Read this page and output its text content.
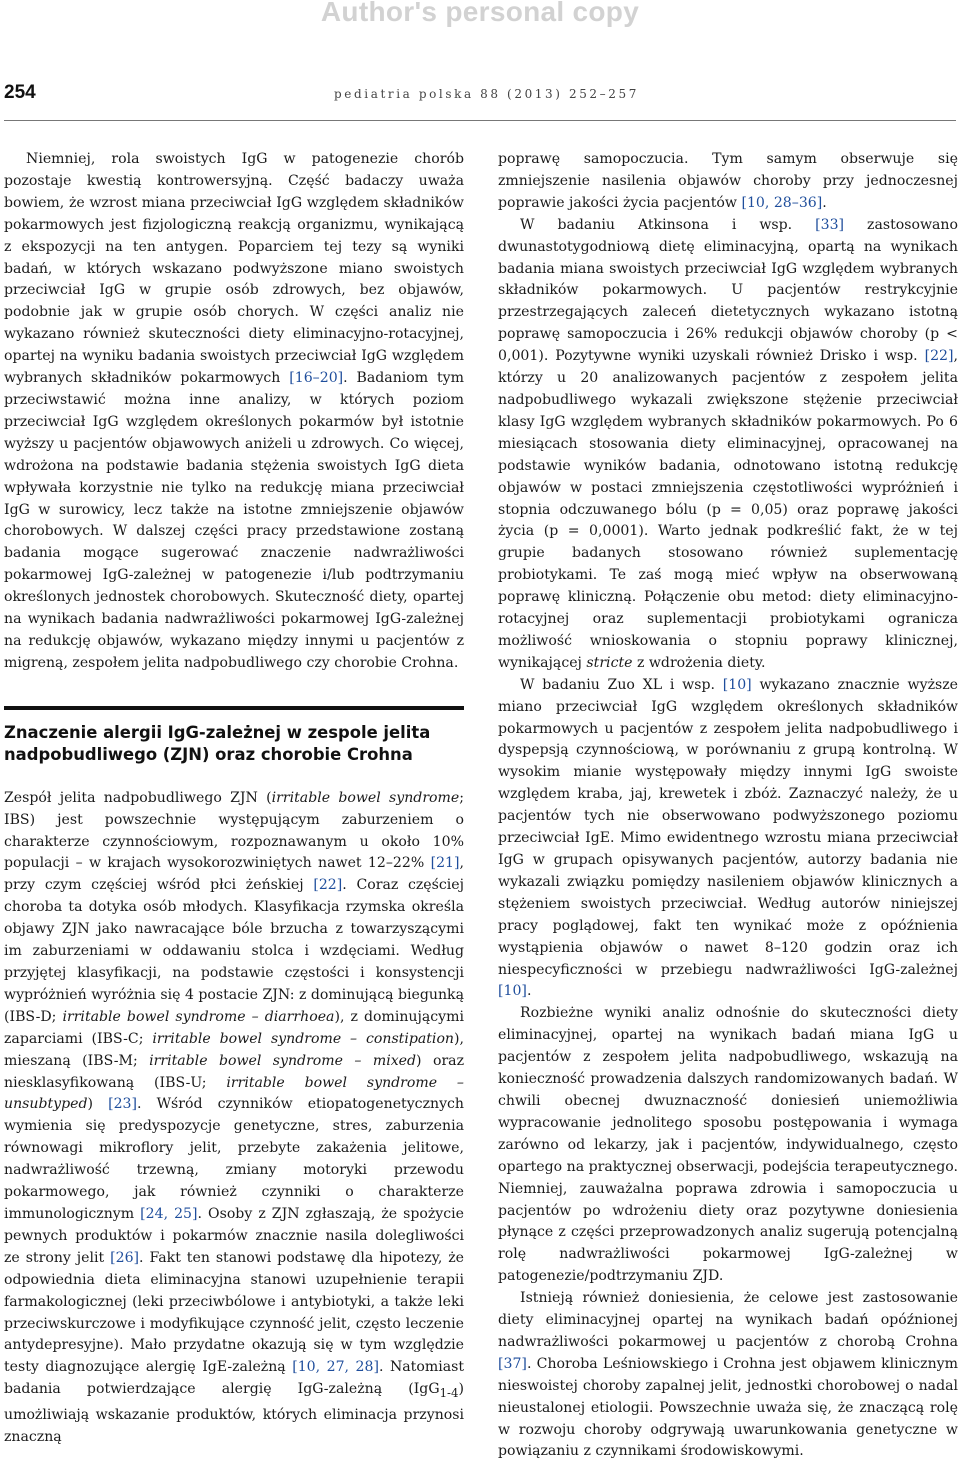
Author's personal copy
254	pediatria polska 88 (2013) 252–257

Niemniej, rola swoistych IgG w patogenezie chorób pozostaje kwestią kontrowersyjną. Część badaczy uważa bowiem, że wzrost miana przeciwciał IgG względem składników pokarmowych jest fizjologiczną reakcją organizmu, wynikającą z ekspozycji na ten antygen. Poparciem tej tezy są wyniki badań, w których wskazano podwyższone miano swoistych przeciwciał IgG w grupie osób zdrowych, bez objawów, podobnie jak w grupie osób chorych. W części analiz nie wykazano również skuteczności diety eliminacyjno-rotacyjnej, opartej na wyniku badania swoistych przeciwciał IgG względem wybranych składników pokarmowych [16–20]. Badaniom tym przeciwstawić można inne analizy, w których poziom przeciwciał IgG względem określonych pokarmów był istotnie wyższy u pacjentów objawowych aniżeli u zdrowych. Co więcej, wdrożona na podstawie badania stężenia swoistych IgG dieta wpływała korzystnie nie tylko na redukcję miana przeciwciał IgG w surowicy, lecz także na istotne zmniejszenie objawów chorobowych. W dalszej części pracy przedstawione zostaną badania mogące sugerować znaczenie nadwrażliwości pokarmowej IgG-zależnej w patogenezie i/lub podtrzymaniu określonych jednostek chorobowych. Skuteczność diety, opartej na wynikach badania nadwrażliwości pokarmowej IgG-zależnej na redukcję objawów, wykazano między innymi u pacjentów z migreną, zespołem jelita nadpobudliwego czy chorobie Crohna.

Znaczenie alergii IgG-zależnej w zespole jelita nadpobudliwego (ZJN) oraz chorobie Crohna

Zespół jelita nadpobudliwego ZJN (irritable bowel syndrome; IBS) jest powszechnie występującym zaburzeniem o charakterze czynnościowym, rozpoznawanym u około 10% populacji – w krajach wysokorozwiniętych nawet 12–22% [21], przy czym częściej wśród płci żeńskiej [22]. Coraz częściej choroba ta dotyka osób młodych. Klasyfikacja rzymska określa objawy ZJN jako nawracające bóle brzucha z towarzyszącymi im zaburzeniami w oddawaniu stolca i wzdęciami. Według przyjętej klasyfikacji, na podstawie częstości i konsystencji wypróżnień wyróżnia się 4 postacie ZJN: z dominującą biegunką (IBS-D; irritable bowel syndrome – diarrhoea), z dominującymi zaparciami (IBS-C; irritable bowel syndrome – constipation), mieszaną (IBS-M; irritable bowel syndrome – mixed) oraz niesklasyfikowaną (IBS-U; irritable bowel syndrome – unsubtyped) [23]. Wśród czynników etiopatogenetycznych wymienia się predyspozycje genetyczne, stres, zaburzenia równowagi mikroflory jelit, przebyte zakażenia jelitowe, nadwrażliwość trzewną, zmiany motoryki przewodu pokarmowego, jak również czynniki o charakterze immunologicznym [24, 25]. Osoby z ZJN zgłaszają, że spożycie pewnych produktów i pokarmów znacznie nasila dolegliwości ze strony jelit [26]. Fakt ten stanowi podstawę dla hipotezy, że odpowiednia dieta eliminacyjna stanowi uzupełnienie terapii farmakologicznej (leki przeciwbólowe i antybiotyki, a także leki przeciwskurczowe i modyfikujące czynność jelit, często leczenie antydepresyjne). Mało przydatne okazują się w tym względzie testy diagnozujące alergię IgE-zależną [10, 27, 28]. Natomiast badania potwierdzające alergię IgG-zależną (IgG$_{1-4}$) umożliwiają wskazanie produktów, których eliminacja przynosi znaczną

poprawę samopoczucia. Tym samym obserwuje się zmniejszenie nasilenia objawów choroby przy jednoczesnej poprawie jakości życia pacjentów [10, 28–36].

W badaniu Atkinsona i wsp. [33] zastosowano dwunastotygodniową dietę eliminacyjną, opartą na wynikach badania miana swoistych przeciwciał IgG względem wybranych składników pokarmowych. U pacjentów restrykcyjnie przestrzegających zaleceń dietetycznych wykazano istotną poprawę samopoczucia i 26% redukcji objawów choroby (p < 0,001). Pozytywne wyniki uzyskali również Drisko i wsp. [22], którzy u 20 analizowanych pacjentów z zespołem jelita nadpobudliwego wykazali zwiększone stężenie przeciwciał klasy IgG względem wybranych składników pokarmowych. Po 6 miesiącach stosowania diety eliminacyjnej, opracowanej na podstawie wyników badania, odnotowano istotną redukcję objawów w postaci zmniejszenia częstotliwości wypróżnień i stopnia odczuwanego bólu (p = 0,05) oraz poprawę jakości życia (p = 0,0001). Warto jednak podkreślić fakt, że w tej grupie badanych stosowano również suplementację probiotykami. Te zaś mogą mieć wpływ na obserwowaną poprawę kliniczną. Połączenie obu metod: diety eliminacyjno-rotacyjnej oraz suplementacji probiotykami ogranicza możliwość wnioskowania o stopniu poprawy klinicznej, wynikającej stricte z wdrożenia diety.

W badaniu Zuo XL i wsp. [10] wykazano znacznie wyższe miano przeciwciał IgG względem określonych składników pokarmowych u pacjentów z zespołem jelita nadpobudliwego i dyspepsją czynnościową, w porównaniu z grupą kontrolną. W wysokim mianie występowały między innymi IgG swoiste względem kraba, jaj, krewetek i zbóż. Zaznaczyć należy, że u pacjentów tych nie obserwowano podwyższonego poziomu przeciwciał IgE. Mimo ewidentnego wzrostu miana przeciwciał IgG w grupach opisywanych pacjentów, autorzy badania nie wykazali związku pomiędzy nasileniem objawów klinicznych a stężeniem swoistych przeciwciał. Według autorów niniejszej pracy poglądowej, fakt ten wynikać może z opóźnienia wystąpienia objawów o nawet 8–120 godzin oraz ich niespecyficzności w przebiegu nadwrażliwości IgG-zależnej [10].

Rozbieżne wyniki analiz odnośnie do skuteczności diety eliminacyjnej, opartej na wynikach badań miana IgG u pacjentów z zespołem jelita nadpobudliwego, wskazują na konieczność prowadzenia dalszych randomizowanych badań. W chwili obecnej dwuznaczność doniesień uniemożliwia wypracowanie jednolitego sposobu postępowania i wymaga zarówno od lekarzy, jak i pacjentów, indywidualnego, często opartego na praktycznej obserwacji, podejścia terapeutycznego. Niemniej, zauważalna poprawa zdrowia i samopoczucia u pacjentów po wdrożeniu diety oraz pozytywne doniesienia płynące z części przeprowadzonych analiz sugerują potencjalną rolę nadwrażliwości pokarmowej IgG-zależnej w patogenezie/podtrzymaniu ZJD.

Istnieją również doniesienia, że celowe jest zastosowanie diety eliminacyjnej opartej na wynikach badań opóźnionej nadwrażliwości pokarmowej u pacjentów z chorobą Crohna [37]. Choroba Leśniowskiego i Crohna jest objawem klinicznym nieswoistej choroby zapalnej jelit, jednostki chorobowej o nadal nieustalonej etiologii. Powszechnie uważa się, że znaczącą rolę w rozwoju choroby odgrywają uwarunkowania genetyczne w powiązaniu z czynnikami środowiskowymi.
